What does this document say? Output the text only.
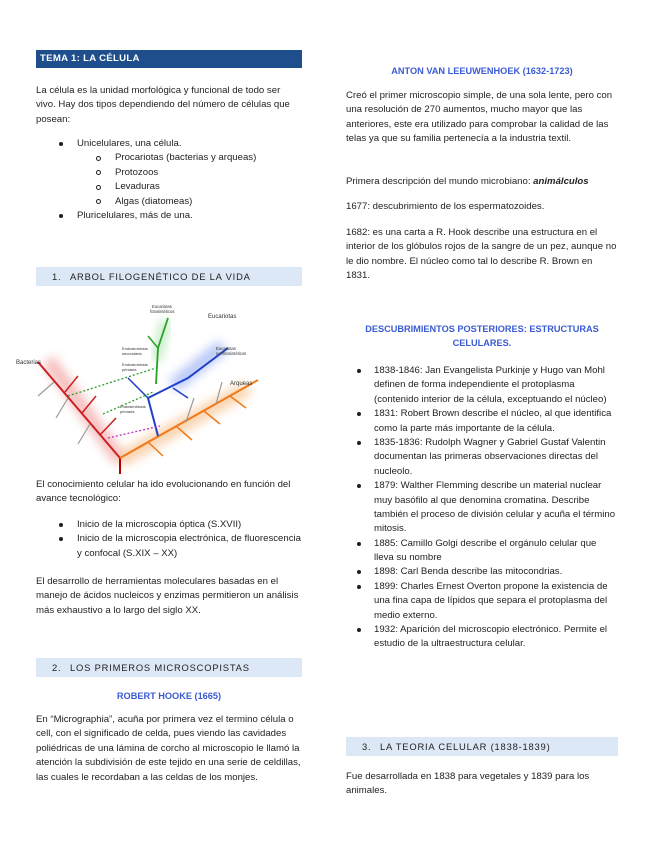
TEMA 1: LA CÉLULA

La célula es la unidad morfológica y funcional de todo ser vivo. Hay dos tipos dependiendo del número de células que posean:

Unicelulares, una célula.
Procariotas (bacterias y arqueas)
Protozoos
Levaduras
Algas (diatomeas)
Pluricelulares, más de una.
1. ARBOL FILOGENÉTICO DE LA VIDA
Bacterias
Eucariotas
Arqueas
Eucariotas
fotosintéticos
Eucariotas
no fotosintéticos
Endosimbiosis
secundaria
Endosimbiosis
primaria
Endosimbiosis
primaria

El conocimiento celular ha ido evolucionando en función del avance tecnológico:

Inicio de la microscopia óptica (S.XVII)
Inicio de la microscopia electrónica, de fluorescencia y confocal (S.XIX – XX)

El desarrollo de herramientas moleculares basadas en el manejo de ácidos nucleicos y enzimas permitieron un análisis más exhaustivo a lo largo del siglo XX.

2. LOS PRIMEROS MICROSCOPISTAS
ROBERT HOOKE (1665)

En “Micrographia”, acuña por primera vez el termino célula o cell, con el significado de celda, pues viendo las cavidades poliédricas de una lámina de corcho al microscopio le llamó la atención la subdivisión de este tejido en una serie de celdillas, las cuales le recordaban a las celdas de los monjes.

ANTON VAN LEEUWENHOEK (1632-1723)

Creó el primer microscopio simple, de una sola lente, pero con una resolución de 270 aumentos, mucho mayor que las anteriores, este era utilizado para comprobar la calidad de las telas ya que su familia pertenecía a la industria textil.

Primera descripción del mundo microbiano: animálculos

1677: descubrimiento de los espermatozoides.

1682: es una carta a R. Hook describe una estructura en el interior de los glóbulos rojos de la sangre de un pez, aunque no le dio nombre. El núcleo como tal lo describe R. Brown en 1831.

DESCUBRIMIENTOS POSTERIORES: ESTRUCTURAS CELULARES.
1838-1846: Jan Evangelista Purkinje y Hugo van Mohl definen de forma independiente el protoplasma (contenido interior de la célula, exceptuando el núcleo)
1831: Robert Brown describe el núcleo, al que identifica como la parte más importante de la célula.
1835-1836: Rudolph Wagner y Gabriel Gustaf Valentin documentan las primeras observaciones directas del nucleolo.
1879: Walther Flemming describe un material nuclear muy basófilo al que denomina cromatina. Describe también el proceso de división celular y acuña el término mitosis.
1885: Camillo Golgi describe el orgánulo celular que lleva su nombre
1898: Carl Benda describe las mitocondrias.
1899: Charles Ernest Overton propone la existencia de una fina capa de lípidos que separa el protoplasma del medio externo.
1932: Aparición del microscopio electrónico. Permite el estudio de la ultraestructura celular.
3. LA TEORIA CELULAR (1838-1839)

Fue desarrollada en 1838 para vegetales y 1839 para los animales.
